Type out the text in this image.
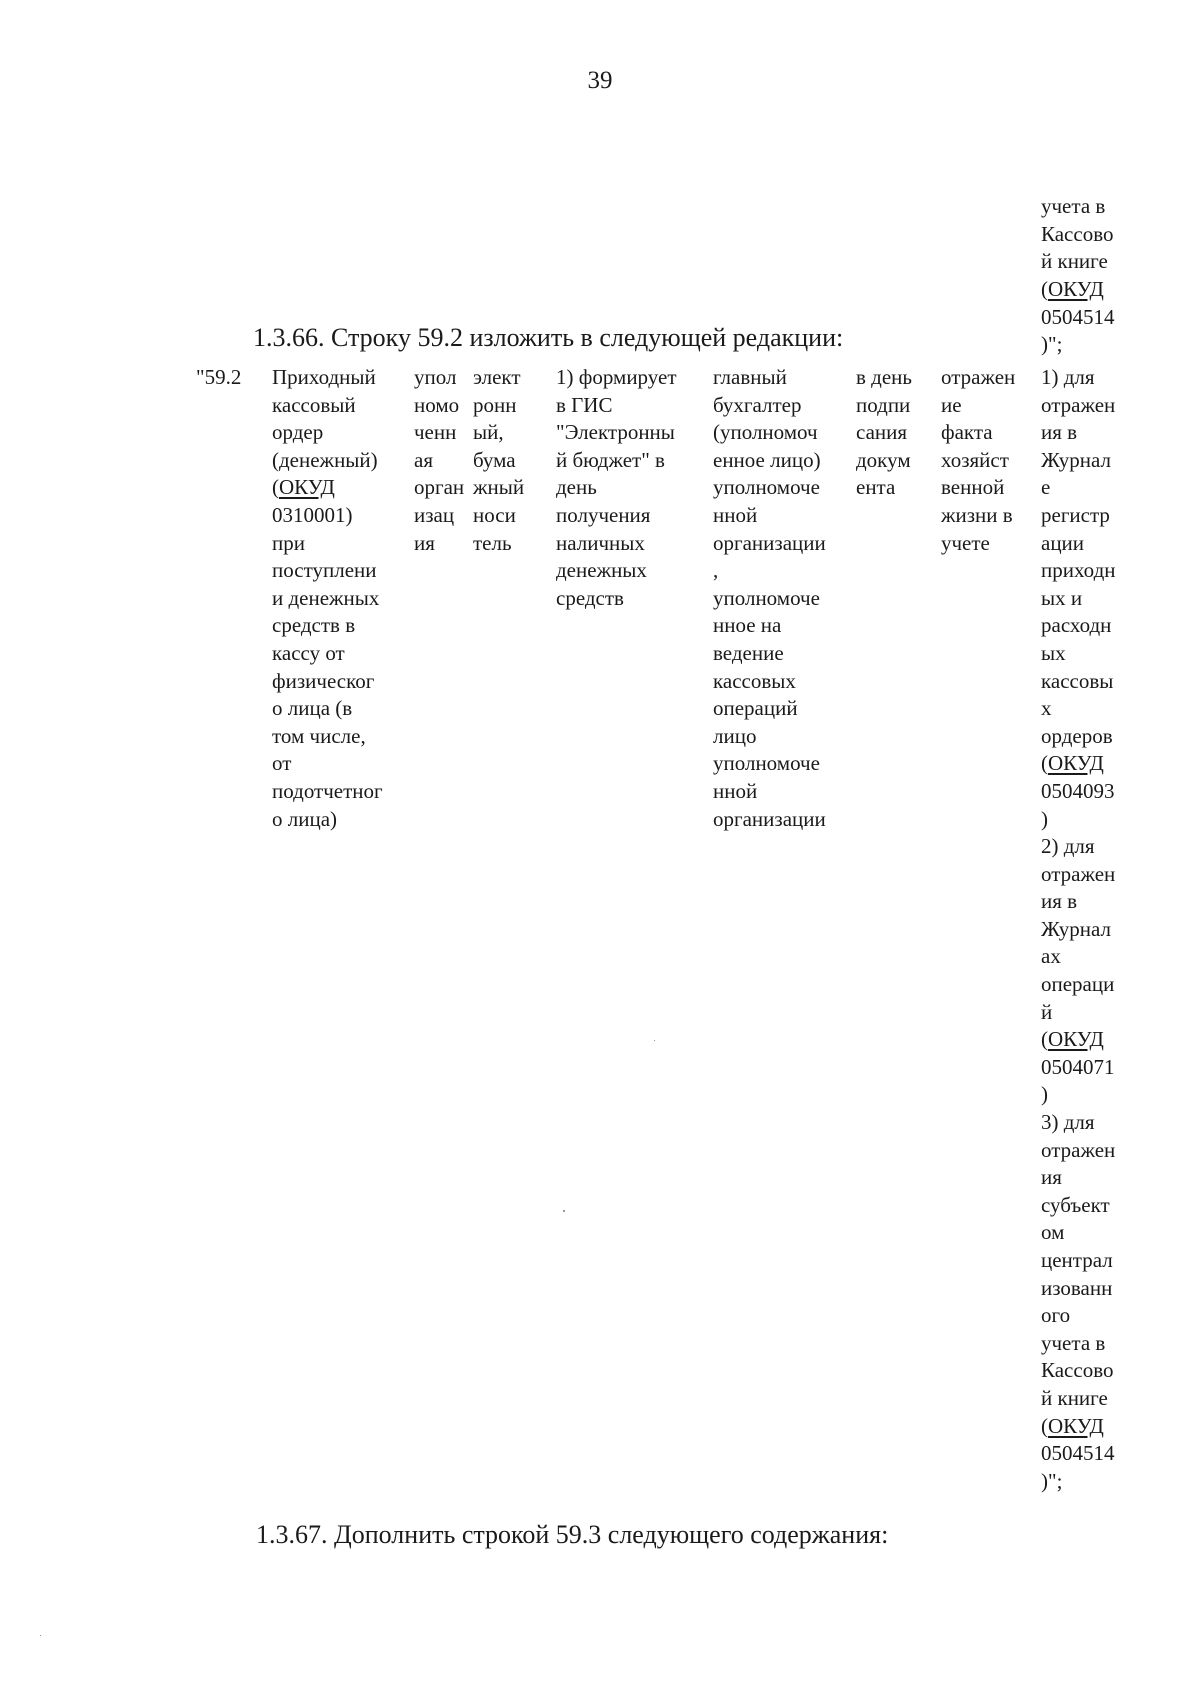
39

учета в
Кассово
й книге
(ОКУД
0504514
)";

1.3.66. Строку 59.2 изложить в следующей редакции:
"59.2 Приходный
кассовый
ордер
(денежный)
(ОКУД
0310001)
при
поступлени
и денежных
средств в
кассу от
физическог
о лица (в
том числе,
от
подотчетног
о лица)
упол
номо
ченн
ая
орган
изац
ия
элект
ронн
ый,
бума
жный
носи
тель
1) формирует
в ГИС
"Электронны
й бюджет" в
день
получения
наличных
денежных
средств
главный
бухгалтер
(уполномоч
енное лицо)
уполномоче
нной
организации
,
уполномоче
нное на
ведение
кассовых
операций
лицо
уполномоче
нной
организации
в день
подпи
сания
докум
ента
отражен
ие
факта
хозяйст
венной
жизни в
учете
1) для
отражен
ия в
Журнал
е
регистр
ации
приходн
ых и
расходн
ых
кассовы
х
ордеров
(ОКУД
0504093
)
2) для
отражен
ия в
Журнал
ах
операци
й
(ОКУД
0504071
)
3) для
отражен
ия
субъект
ом
централ
изованн
ого
учета в
Кассово
й книге
(ОКУД
0504514
)";
1.3.67. Дополнить строкой 59.3 следующего содержания:
